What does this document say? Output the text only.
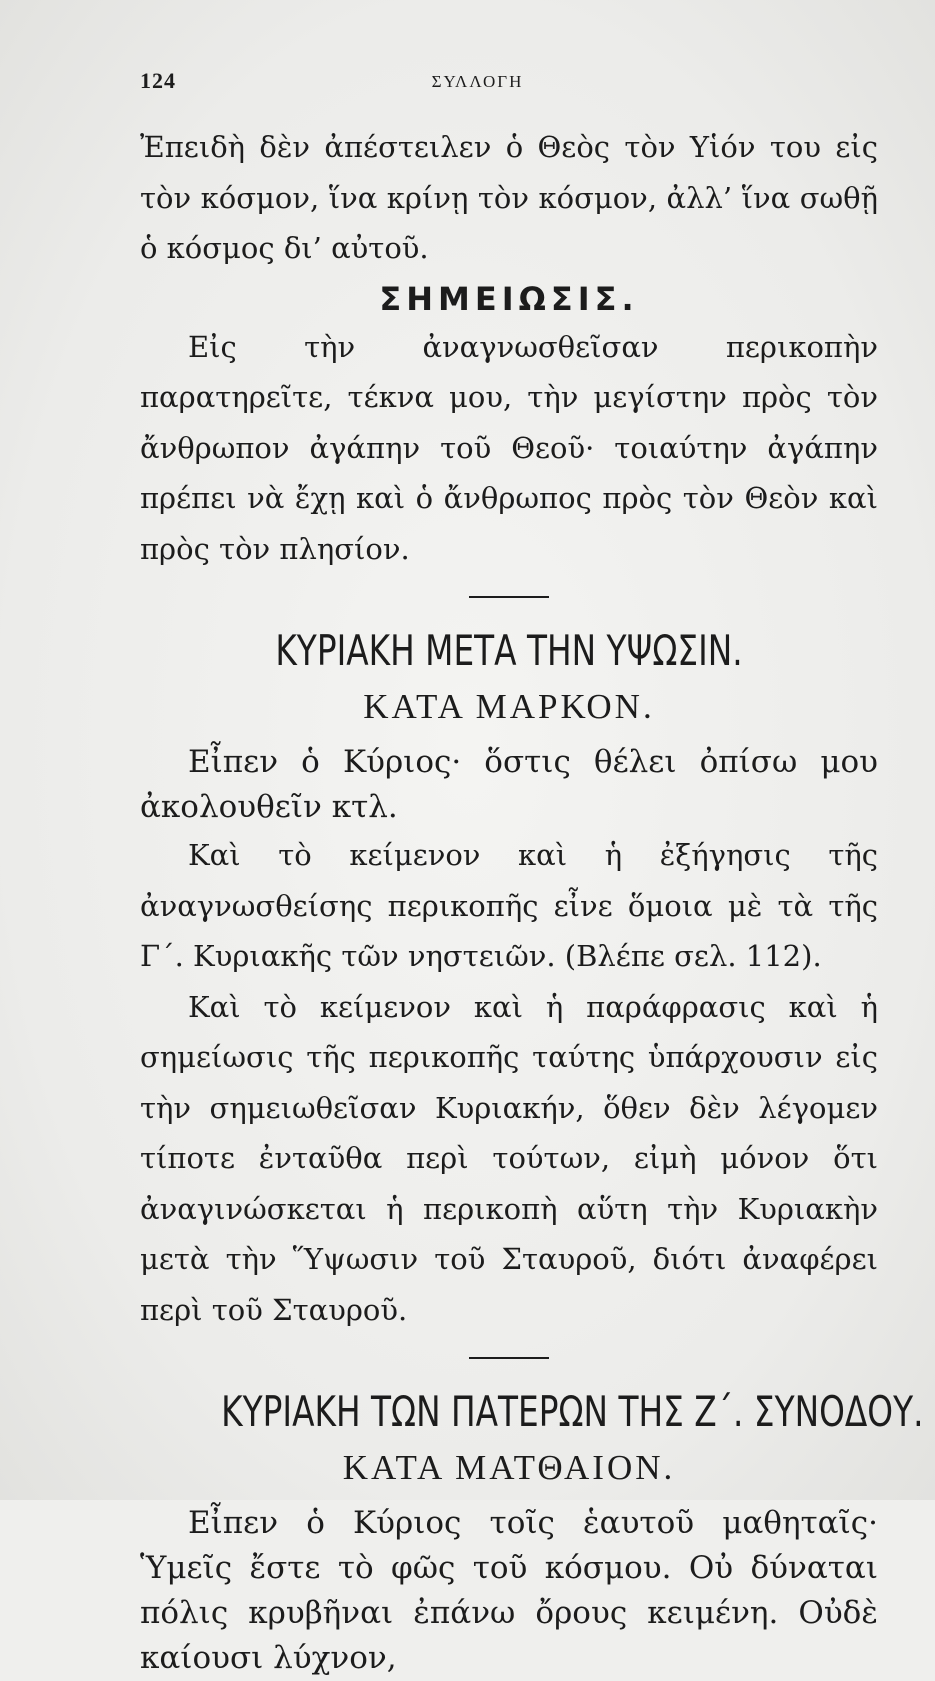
124	ΣΥΛΛΟΓΗ

Ἐπειδὴ δὲν ἀπέστειλεν ὁ Θεὸς τὸν Υἱόν του εἰς τὸν κόσμον, ἵνα κρίνῃ τὸν κόσμον, ἀλλ’ ἵνα σωθῇ ὁ κόσμος δι’ αὐτοῦ.

ΣΗΜΕΙΩΣΙΣ.

Εἰς τὴν ἀναγνωσθεῖσαν περικοπὴν παρατηρεῖτε, τέκνα μου, τὴν μεγίστην πρὸς τὸν ἄνθρωπον ἀγάπην τοῦ Θεοῦ· τοιαύτην ἀγάπην πρέπει νὰ ἔχῃ καὶ ὁ ἄνθρωπος πρὸς τὸν Θεὸν καὶ πρὸς τὸν πλησίον.

ΚΥΡΙΑΚΗ ΜΕΤΑ ΤΗΝ ΥΨΩΣΙΝ.
ΚΑΤΑ ΜΑΡΚΟΝ.

Εἶπεν ὁ Κύριος· ὅστις θέλει ὀπίσω μου ἀκολουθεῖν κτλ.

Καὶ τὸ κείμενον καὶ ἡ ἐξήγησις τῆς ἀναγνωσθείσης περικοπῆς εἶνε ὅμοια μὲ τὰ τῆς Γ΄. Κυριακῆς τῶν νηστειῶν. (Βλέπε σελ. 112).

Καὶ τὸ κείμενον καὶ ἡ παράφρασις καὶ ἡ σημείωσις τῆς περικοπῆς ταύτης ὑπάρχουσιν εἰς τὴν σημειωθεῖσαν Κυριακήν, ὅθεν δὲν λέγομεν τίποτε ἐνταῦθα περὶ τούτων, εἰμὴ μόνον ὅτι ἀναγινώσκεται ἡ περικοπὴ αὕτη τὴν Κυριακὴν μετὰ τὴν Ὕψωσιν τοῦ Σταυροῦ, διότι ἀναφέρει περὶ τοῦ Σταυροῦ.

ΚΥΡΙΑΚΗ ΤΩΝ ΠΑΤΕΡΩΝ ΤΗΣ Ζ΄. ΣΥΝΟΔΟΥ.
ΚΑΤΑ ΜΑΤΘΑΙΟΝ.

Εἶπεν ὁ Κύριος τοῖς ἑαυτοῦ μαθηταῖς· Ὑμεῖς ἔστε τὸ φῶς τοῦ κόσμου. Οὐ δύναται πόλις κρυβῆναι ἐπάνω ὄρους κειμένη. Οὐδὲ καίουσι λύχνον,
